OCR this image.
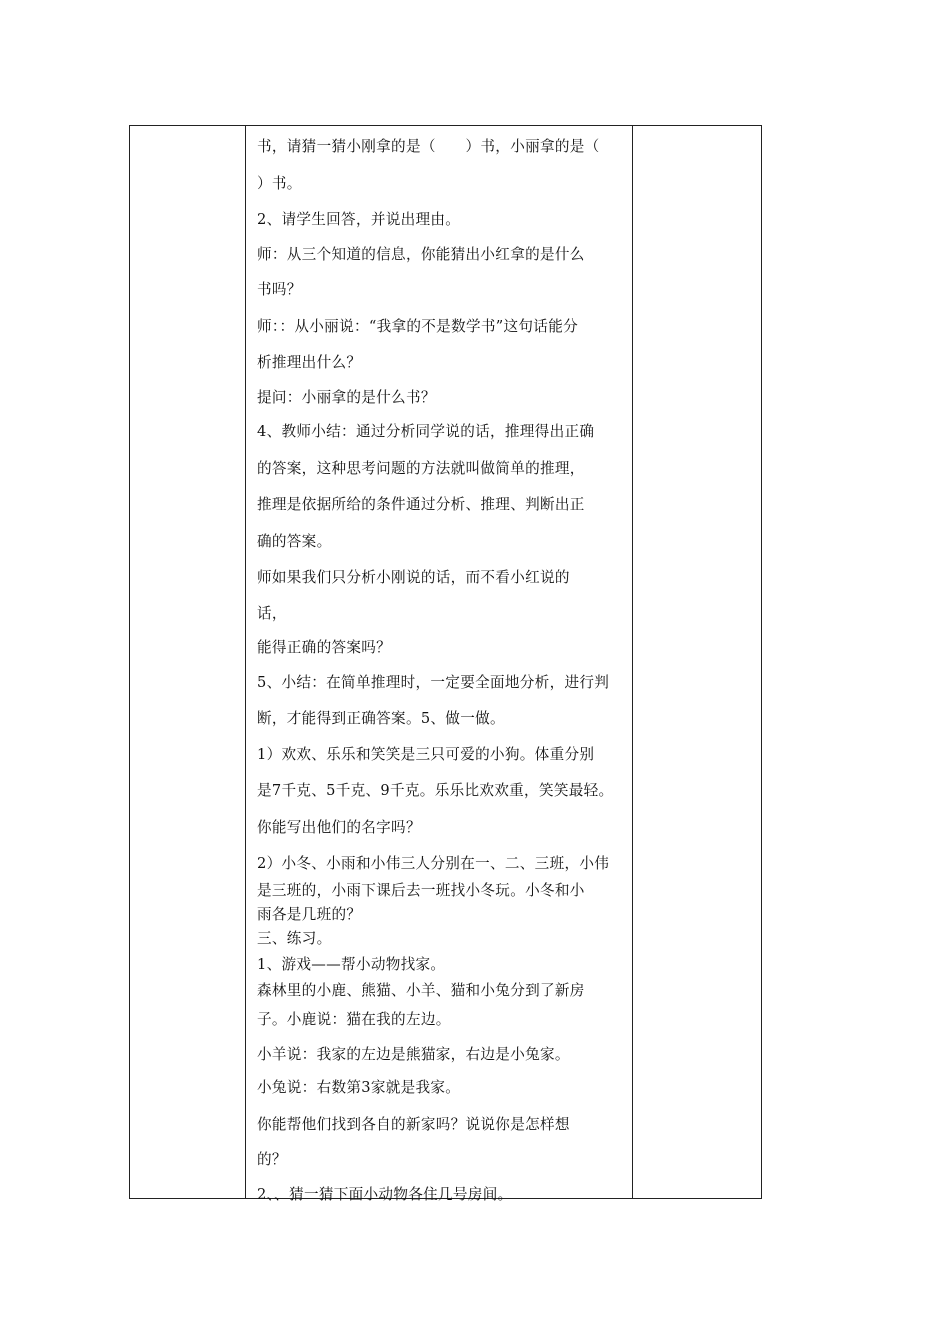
书，请猜一猜小刚拿的是（　　）书，小丽拿的是（
）书。
2、请学生回答，并说出理由。
师：从三个知道的信息，你能猜出小红拿的是什么
书吗？
师：：从小丽说：“我拿的不是数学书”这句话能分
析推理出什么？
提问：小丽拿的是什么书？
4、教师小结：通过分析同学说的话，推理得出正确
的答案，这种思考问题的方法就叫做简单的推理，
推理是依据所给的条件通过分析、推理、判断出正
确的答案。
师如果我们只分析小刚说的话，而不看小红说的
话，
能得正确的答案吗？
5、小结：在简单推理时，一定要全面地分析，进行判
断，才能得到正确答案。5、做一做。
1）欢欢、乐乐和笑笑是三只可爱的小狗。体重分别
是7千克、5千克、9千克。乐乐比欢欢重，笑笑最轻。
你能写出他们的名字吗？
2）小冬、小雨和小伟三人分别在一、二、三班，小伟
是三班的，小雨下课后去一班找小冬玩。小冬和小
雨各是几班的？
三、练习。
1、游戏——帮小动物找家。
森林里的小鹿、熊猫、小羊、猫和小兔分到了新房
子。小鹿说：猫在我的左边。
小羊说：我家的左边是熊猫家，右边是小兔家。
小兔说：右数第3家就是我家。
你能帮他们找到各自的新家吗？说说你是怎样想
的？
2、、猜一猜下面小动物各住几号房间。
